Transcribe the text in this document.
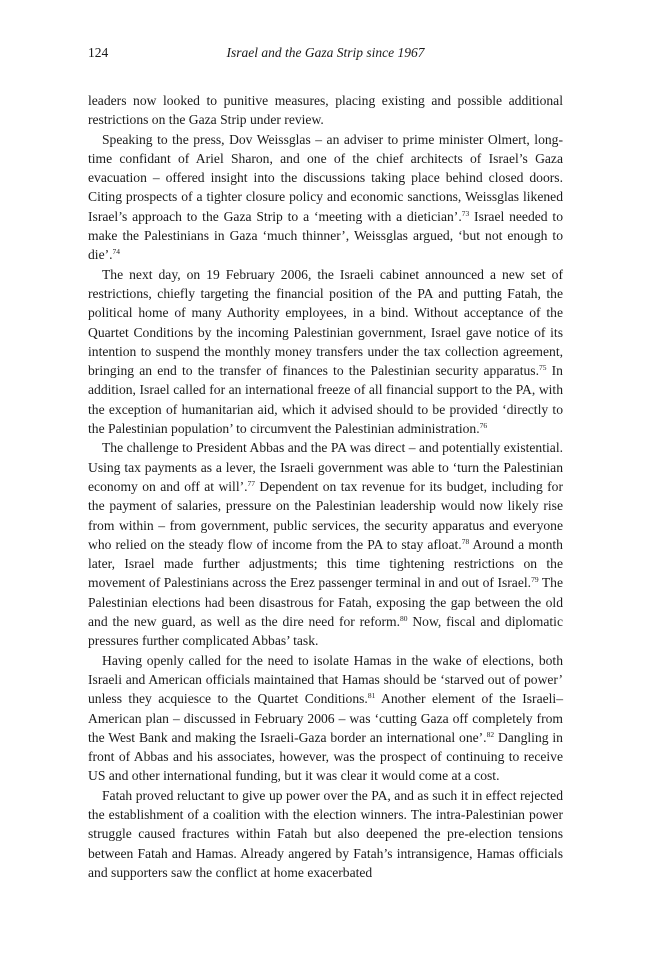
124	Israel and the Gaza Strip since 1967

leaders now looked to punitive measures, placing existing and possible additional restrictions on the Gaza Strip under review.

Speaking to the press, Dov Weissglas – an adviser to prime minister Olmert, long-time confidant of Ariel Sharon, and one of the chief architects of Israel’s Gaza evacuation – offered insight into the discussions taking place behind closed doors. Citing prospects of a tighter closure policy and economic sanctions, Weissglas likened Israel’s approach to the Gaza Strip to a ‘meeting with a dietician’.$^{73}$ Israel needed to make the Palestinians in Gaza ‘much thinner’, Weissglas argued, ‘but not enough to die’.$^{74}$

The next day, on 19 February 2006, the Israeli cabinet announced a new set of restrictions, chiefly targeting the financial position of the PA and putting Fatah, the political home of many Authority employees, in a bind. Without acceptance of the Quartet Conditions by the incoming Palestinian government, Israel gave notice of its intention to suspend the monthly money transfers under the tax collection agreement, bringing an end to the transfer of finances to the Palestinian security apparatus.$^{75}$ In addition, Israel called for an international freeze of all financial support to the PA, with the exception of humanitarian aid, which it advised should to be provided ‘directly to the Palestinian population’ to circumvent the Palestinian administration.$^{76}$

The challenge to President Abbas and the PA was direct – and potentially existential. Using tax payments as a lever, the Israeli government was able to ‘turn the Palestinian economy on and off at will’.$^{77}$ Dependent on tax revenue for its budget, including for the payment of salaries, pressure on the Palestinian leadership would now likely rise from within – from government, public services, the security apparatus and everyone who relied on the steady flow of income from the PA to stay afloat.$^{78}$ Around a month later, Israel made further adjustments; this time tightening restrictions on the movement of Palestinians across the Erez passenger terminal in and out of Israel.$^{79}$ The Palestinian elections had been disastrous for Fatah, exposing the gap between the old and the new guard, as well as the dire need for reform.$^{80}$ Now, fiscal and diplomatic pressures further complicated Abbas’ task.

Having openly called for the need to isolate Hamas in the wake of elections, both Israeli and American officials maintained that Hamas should be ‘starved out of power’ unless they acquiesce to the Quartet Conditions.$^{81}$ Another element of the Israeli–American plan – discussed in February 2006 – was ‘cutting Gaza off completely from the West Bank and making the Israeli-Gaza border an international one’.$^{82}$ Dangling in front of Abbas and his associates, however, was the prospect of continuing to receive US and other international funding, but it was clear it would come at a cost.

Fatah proved reluctant to give up power over the PA, and as such it in effect rejected the establishment of a coalition with the election winners. The intra-Palestinian power struggle caused fractures within Fatah but also deepened the pre-election tensions between Fatah and Hamas. Already angered by Fatah’s intransigence, Hamas officials and supporters saw the conflict at home exacerbated
